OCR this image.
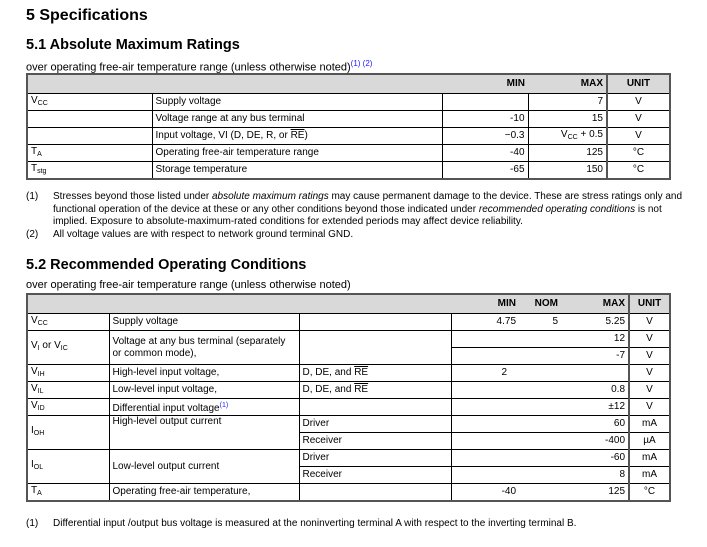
5 Specifications
5.1 Absolute Maximum Ratings
over operating free-air temperature range (unless otherwise noted)$^{(1) (2)}$
		MIN	MAX	UNIT
$V_{CC}$	Supply voltage		7	V
	Voltage range at any bus terminal	-10	15	V
	Input voltage, VI (D, DE, R, or $\overline{RE}$)	−0.3	$V_{CC} + 0.5$	V
$T_A$	Operating free-air temperature range	-40	125	°C
$T_{stg}$	Storage temperature	-65	150	°C
(1)	Stresses beyond those listed under absolute maximum ratings may cause permanent damage to the device. These are stress ratings only and functional operation of the device at these or any other conditions beyond those indicated under recommended operating conditions is not implied. Exposure to absolute-maximum-rated conditions for extended periods may affect device reliability.
(2)	All voltage values are with respect to network ground terminal GND.
5.2 Recommended Operating Conditions
over operating free-air temperature range (unless otherwise noted)
			MIN	NOM	MAX	UNIT
$V_{CC}$	Supply voltage		4.75	5	5.25	V
$V_I$ or $V_{IC}$	Voltage at any bus terminal (separately or common mode),				12	V
					-7	V
$V_{IH}$	High-level input voltage,	D, DE, and $\overline{RE}$	2			V
$V_{IL}$	Low-level input voltage,	D, DE, and $\overline{RE}$			0.8	V
$V_{ID}$	Differential input voltage$^{(1)}$				±12	V
$I_{OH}$	High-level output current	Driver			60	mA
		Receiver			-400	µA
$I_{OL}$	Low-level output current	Driver			-60	mA
		Receiver			8	mA
$T_A$	Operating free-air temperature,		-40		125	°C
(1)	Differential input /output bus voltage is measured at the noninverting terminal A with respect to the inverting terminal B.
